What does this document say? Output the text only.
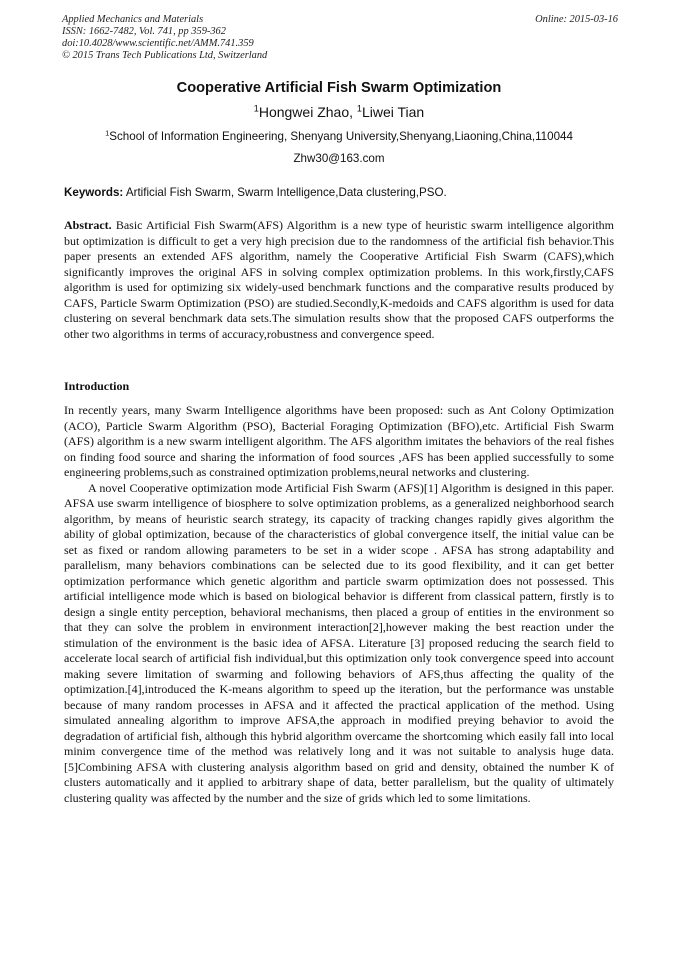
Applied Mechanics and Materials
ISSN: 1662-7482, Vol. 741, pp 359-362
doi:10.4028/www.scientific.net/AMM.741.359
© 2015 Trans Tech Publications Ltd, Switzerland
Online: 2015-03-16
Cooperative Artificial Fish Swarm Optimization
$^1$Hongwei Zhao, $^1$Liwei Tian
$^1$School of Information Engineering, Shenyang University,Shenyang,Liaoning,China,110044
Zhw30@163.com
Keywords: Artificial Fish Swarm, Swarm Intelligence,Data clustering,PSO.

Abstract. Basic Artificial Fish Swarm(AFS) Algorithm is a new type of heuristic swarm intelligence algorithm but optimization is difficult to get a very high precision due to the randomness of the artificial fish behavior.This paper presents an extended AFS algorithm, namely the Cooperative Artificial Fish Swarm (CAFS),which significantly improves the original AFS in solving complex optimization problems. In this work,firstly,CAFS algorithm is used for optimizing six widely-used benchmark functions and the comparative results produced by CAFS, Particle Swarm Optimization (PSO) are studied.Secondly,K-medoids and CAFS algorithm is used for data clustering on several benchmark data sets.The simulation results show that the proposed CAFS outperforms the other two algorithms in terms of accuracy,robustness and convergence speed.

Introduction

In recently years, many Swarm Intelligence algorithms have been proposed: such as Ant Colony Optimization (ACO), Particle Swarm Algorithm (PSO), Bacterial Foraging Optimization (BFO),etc. Artificial Fish Swarm (AFS) algorithm is a new swarm intelligent algorithm. The AFS algorithm imitates the behaviors of the real fishes on finding food source and sharing the information of food sources ,AFS has been applied successfully to some engineering problems,such as constrained optimization problems,neural networks and clustering.

A novel Cooperative optimization mode Artificial Fish Swarm (AFS)[1] Algorithm is designed in this paper. AFSA use swarm intelligence of biosphere to solve optimization problems, as a generalized neighborhood search algorithm, by means of heuristic search strategy, its capacity of tracking changes rapidly gives algorithm the ability of global optimization, because of the characteristics of global convergence itself, the initial value can be set as fixed or random allowing parameters to be set in a wider scope . AFSA has strong adaptability and parallelism, many behaviors combinations can be selected due to its good flexibility, and it can get better optimization performance which genetic algorithm and particle swarm optimization does not possessed. This artificial intelligence mode which is based on biological behavior is different from classical pattern, firstly is to design a single entity perception, behavioral mechanisms, then placed a group of entities in the environment so that they can solve the problem in environment interaction[2],however making the best reaction under the stimulation of the environment is the basic idea of AFSA. Literature [3] proposed reducing the search field to accelerate local search of artificial fish individual,but this optimization only took convergence speed into account making severe limitation of swarming and following behaviors of AFS,thus affecting the quality of the optimization.[4],introduced the K-means algorithm to speed up the iteration, but the performance was unstable because of many random processes in AFSA and it affected the practical application of the method. Using simulated annealing algorithm to improve AFSA,the approach in modified preying behavior to avoid the degradation of artificial fish, although this hybrid algorithm overcame the shortcoming which easily fall into local minim convergence time of the method was relatively long and it was not suitable to analysis huge data. [5]Combining AFSA with clustering analysis algorithm based on grid and density, obtained the number K of clusters automatically and it applied to arbitrary shape of data, better parallelism, but the quality of ultimately clustering quality was affected by the number and the size of grids which led to some limitations.
